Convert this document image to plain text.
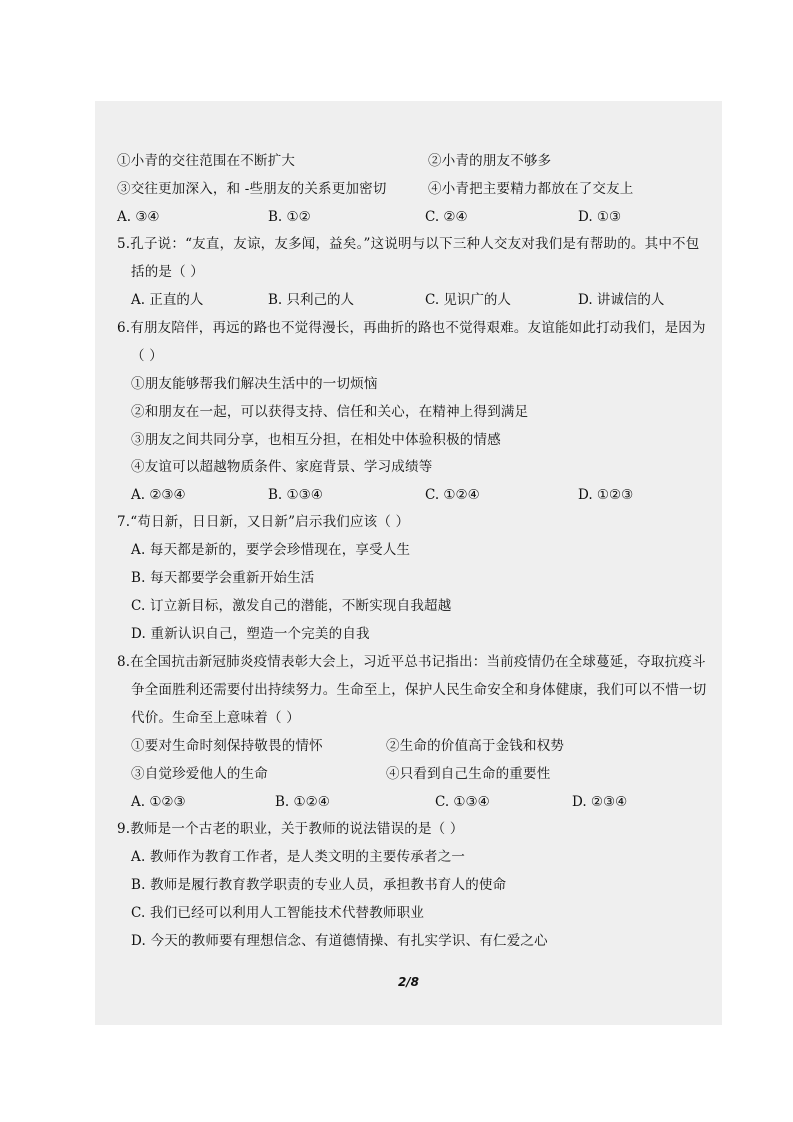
①小青的交往范围在不断扩大	②小青的朋友不够多
③交往更加深入，和 -些朋友的关系更加密切	④小青把主要精力都放在了交友上
A. ③④	B. ①②	C. ②④	D. ①③
5.孔子说：“友直，友谅，友多闻，益矣。”这说明与以下三种人交友对我们是有帮助的。其中不包
括的是（ ）
A. 正直的人	B. 只利己的人	C. 见识广的人	D. 讲诚信的人
6.有朋友陪伴，再远的路也不觉得漫长，再曲折的路也不觉得艰难。友谊能如此打动我们，是因为
（ ）
①朋友能够帮我们解决生活中的一切烦恼
②和朋友在一起，可以获得支持、信任和关心，在精神上得到满足
③朋友之间共同分享，也相互分担，在相处中体验积极的情感
④友谊可以超越物质条件、家庭背景、学习成绩等
A. ②③④	B. ①③④	C. ①②④	D. ①②③
7.“苟日新，日日新，又日新”启示我们应该（ ）
A. 每天都是新的，要学会珍惜现在，享受人生
B. 每天都要学会重新开始生活
C. 订立新目标，激发自己的潜能，不断实现自我超越
D. 重新认识自己，塑造一个完美的自我
8.在全国抗击新冠肺炎疫情表彰大会上，习近平总书记指出：当前疫情仍在全球蔓延，夺取抗疫斗
争全面胜利还需要付出持续努力。生命至上，保护人民生命安全和身体健康，我们可以不惜一切
代价。生命至上意味着（ ）
①要对生命时刻保持敬畏的情怀	②生命的价值高于金钱和权势
③自觉珍爱他人的生命	④只看到自己生命的重要性
A. ①②③	B. ①②④	C. ①③④	D. ②③④
9.教师是一个古老的职业，关于教师的说法错误的是（ ）
A. 教师作为教育工作者，是人类文明的主要传承者之一
B. 教师是履行教育教学职责的专业人员，承担教书育人的使命
C. 我们已经可以利用人工智能技术代替教师职业
D. 今天的教师要有理想信念、有道德情操、有扎实学识、有仁爱之心
2/8
